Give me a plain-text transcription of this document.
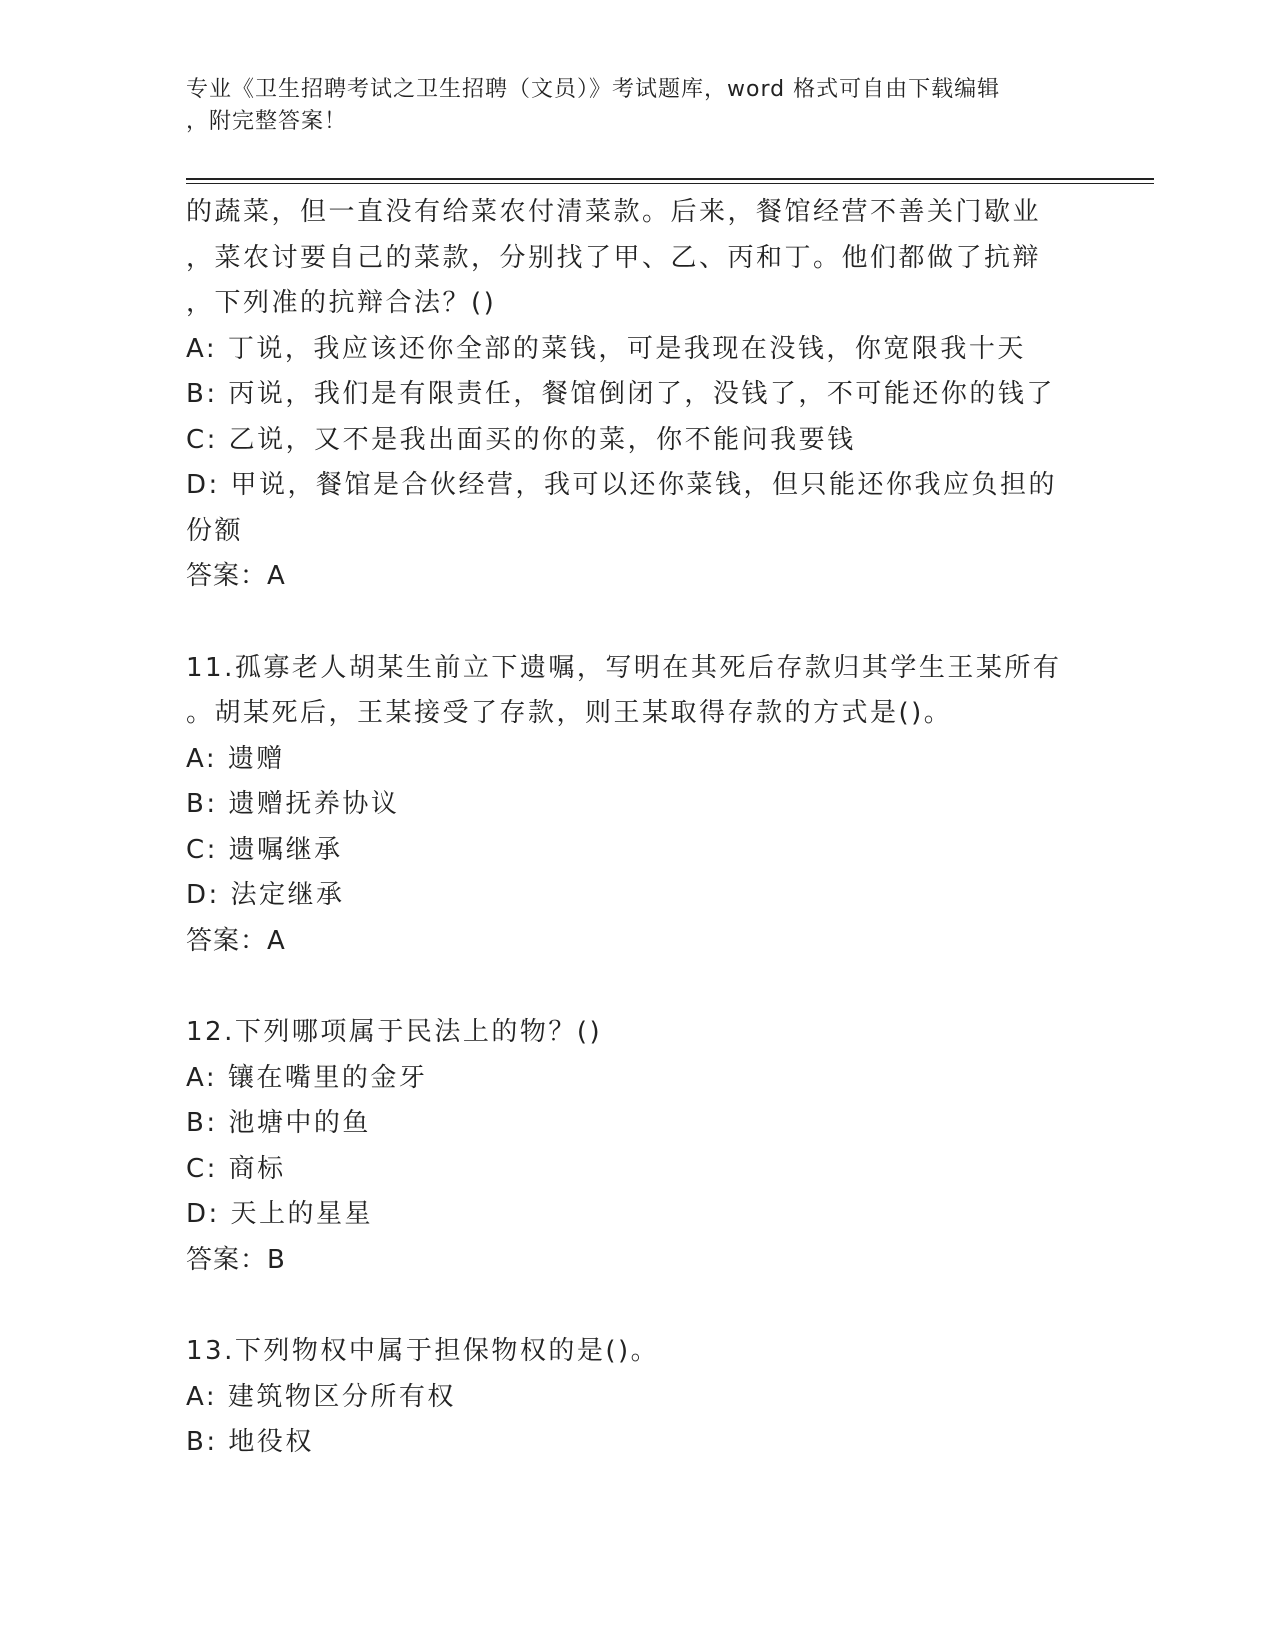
专业《卫生招聘考试之卫生招聘（文员）》考试题库，word 格式可自由下载编辑
，附完整答案！
的蔬菜，但一直没有给菜农付清菜款。后来，餐馆经营不善关门歇业
，菜农讨要自己的菜款，分别找了甲、乙、丙和丁。他们都做了抗辩
，下列准的抗辩合法？()
A: 丁说，我应该还你全部的菜钱，可是我现在没钱，你宽限我十天
B: 丙说，我们是有限责任，餐馆倒闭了，没钱了，不可能还你的钱了
C: 乙说，又不是我出面买的你的菜，你不能问我要钱
D: 甲说，餐馆是合伙经营，我可以还你菜钱，但只能还你我应负担的
份额
答案：A
11.孤寡老人胡某生前立下遗嘱，写明在其死后存款归其学生王某所有
。胡某死后，王某接受了存款，则王某取得存款的方式是()。
A: 遗赠
B: 遗赠抚养协议
C: 遗嘱继承
D: 法定继承
答案：A
12.下列哪项属于民法上的物？()
A: 镶在嘴里的金牙
B: 池塘中的鱼
C: 商标
D: 天上的星星
答案：B
13.下列物权中属于担保物权的是()。
A: 建筑物区分所有权
B: 地役权
